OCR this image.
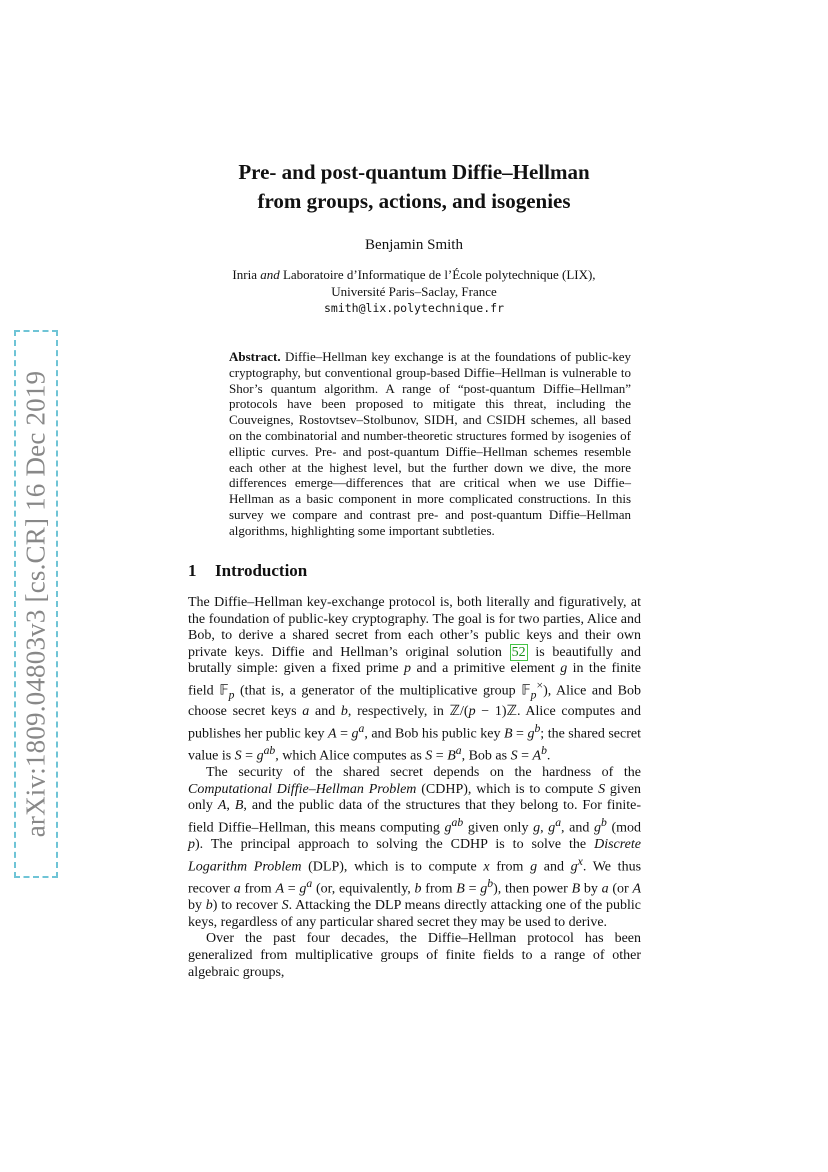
arXiv:1809.04803v3 [cs.CR] 16 Dec 2019
Pre- and post-quantum Diffie–Hellman
from groups, actions, and isogenies
Benjamin Smith
Inria and Laboratoire d’Informatique de l’École polytechnique (LIX),
Université Paris–Saclay, France
smith@lix.polytechnique.fr
Abstract. Diffie–Hellman key exchange is at the foundations of public-key cryptography, but conventional group-based Diffie–Hellman is vulnerable to Shor’s quantum algorithm. A range of “post-quantum Diffie–Hellman” protocols have been proposed to mitigate this threat, including the Couveignes, Rostovtsev–Stolbunov, SIDH, and CSIDH schemes, all based on the combinatorial and number-theoretic structures formed by isogenies of elliptic curves. Pre- and post-quantum Diffie–Hellman schemes resemble each other at the highest level, but the further down we dive, the more differences emerge—differences that are critical when we use Diffie–Hellman as a basic component in more complicated constructions. In this survey we compare and contrast pre- and post-quantum Diffie–Hellman algorithms, highlighting some important subtleties.
1 Introduction

The Diffie–Hellman key-exchange protocol is, both literally and figuratively, at the foundation of public-key cryptography. The goal is for two parties, Alice and Bob, to derive a shared secret from each other’s public keys and their own private keys. Diffie and Hellman’s original solution 52 is beautifully and brutally simple: given a fixed prime p and a primitive element g in the finite field 𝔽$_p$ (that is, a generator of the multiplicative group 𝔽$_p$×), Alice and Bob choose secret keys a and b, respectively, in ℤ/(p − 1)ℤ. Alice computes and publishes her public key $A = g^a$, and Bob his public key $B = g^b$; the shared secret value is $S = g^{ab}$, which Alice computes as $S = B^a$, Bob as $S = A^b$.

The security of the shared secret depends on the hardness of the Computational Diffie–Hellman Problem (CDHP), which is to compute S given only A, B, and the public data of the structures that they belong to. For finite-field Diffie–Hellman, this means computing $g^{ab}$ given only g, $g^a$, and $g^b$ (mod p). The principal approach to solving the CDHP is to solve the Discrete Logarithm Problem (DLP), which is to compute x from g and $g^x$. We thus recover a from $A = g^a$ (or, equivalently, b from $B = g^b$), then power B by a (or A by b) to recover S. Attacking the DLP means directly attacking one of the public keys, regardless of any particular shared secret they may be used to derive.

Over the past four decades, the Diffie–Hellman protocol has been generalized from multiplicative groups of finite fields to a range of other algebraic groups,
